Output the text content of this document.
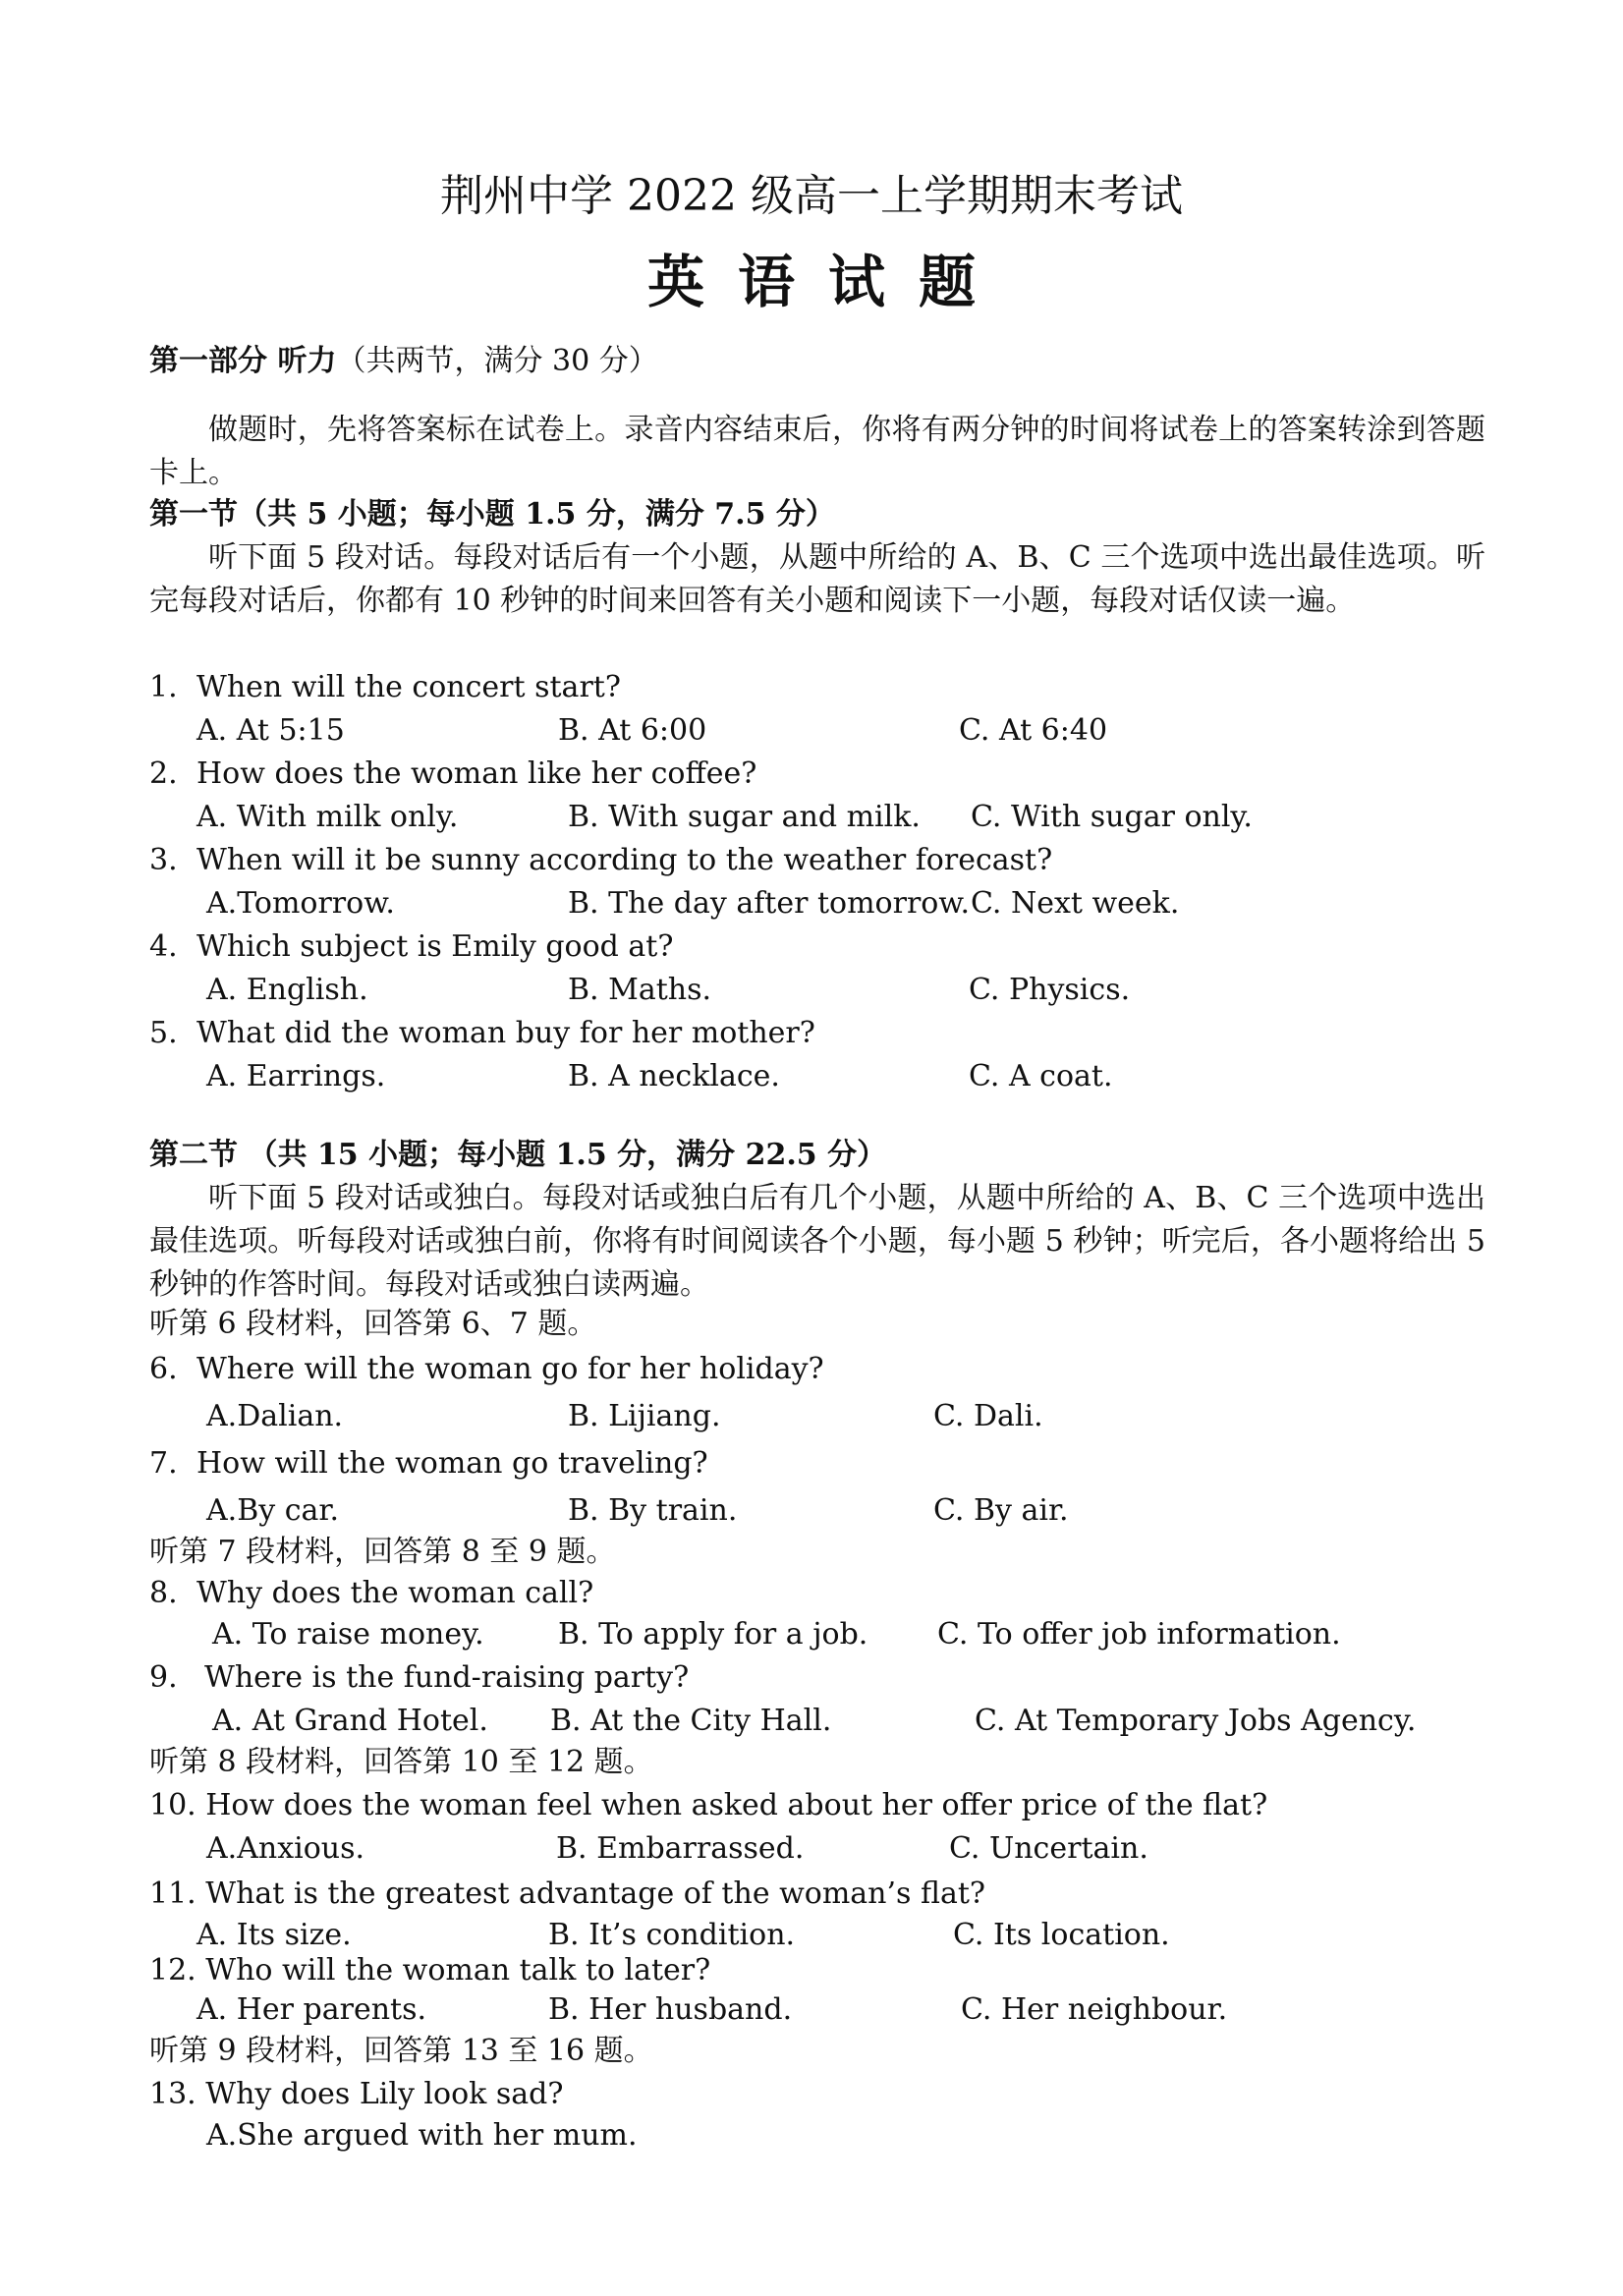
荆州中学 2022 级高一上学期期末考试
英语试题
第一部分 听力（共两节，满分 30 分）
做题时，先将答案标在试卷上。录音内容结束后，你将有两分钟的时间将试卷上的答案转涂到答题卡上。
第一节（共 5 小题；每小题 1.5 分，满分 7.5 分）
听下面 5 段对话。每段对话后有一个小题，从题中所给的 A、B、C 三个选项中选出最佳选项。听完每段对话后，你都有 10 秒钟的时间来回答有关小题和阅读下一小题，每段对话仅读一遍。
1. When will the concert start?
A. At 5:15	B. At 6:00	C. At 6:40
2. How does the woman like her coffee?
A. With milk only.	B. With sugar and milk. C. With sugar only.
3. When will it be sunny according to the weather forecast?
A.Tomorrow.	B. The day after tomorrow. C. Next week.
4. Which subject is Emily good at?
A. English.	B. Maths.	C. Physics.
5. What did the woman buy for her mother?
A. Earrings.	B. A necklace.	C. A coat.
第二节 （共 15 小题；每小题 1.5 分，满分 22.5 分）
听下面 5 段对话或独白。每段对话或独白后有几个小题，从题中所给的 A、B、C 三个选项中选出最佳选项。听每段对话或独白前，你将有时间阅读各个小题，每小题 5 秒钟；听完后，各小题将给出 5 秒钟的作答时间。每段对话或独白读两遍。
听第 6 段材料，回答第 6、7 题。
6. Where will the woman go for her holiday?
A.Dalian.	B. Lijiang.	C. Dali.
7. How will the woman go traveling?
A.By car.	B. By train.	C. By air.
听第 7 段材料，回答第 8 至 9 题。
8. Why does the woman call?
A. To raise money.	B. To apply for a job. C. To offer job information.
9. Where is the fund-raising party?
A. At Grand Hotel. B. At the City Hall.	C. At Temporary Jobs Agency.
听第 8 段材料，回答第 10 至 12 题。
10. How does the woman feel when asked about her offer price of the flat?
A.Anxious.	B. Embarrassed.	C. Uncertain.
11. What is the greatest advantage of the woman’s flat?
A. Its size.	B. It’s condition.	C. Its location.
12. Who will the woman talk to later?
A. Her parents.	B. Her husband.	C. Her neighbour.
听第 9 段材料，回答第 13 至 16 题。
13. Why does Lily look sad?
A.She argued with her mum.
